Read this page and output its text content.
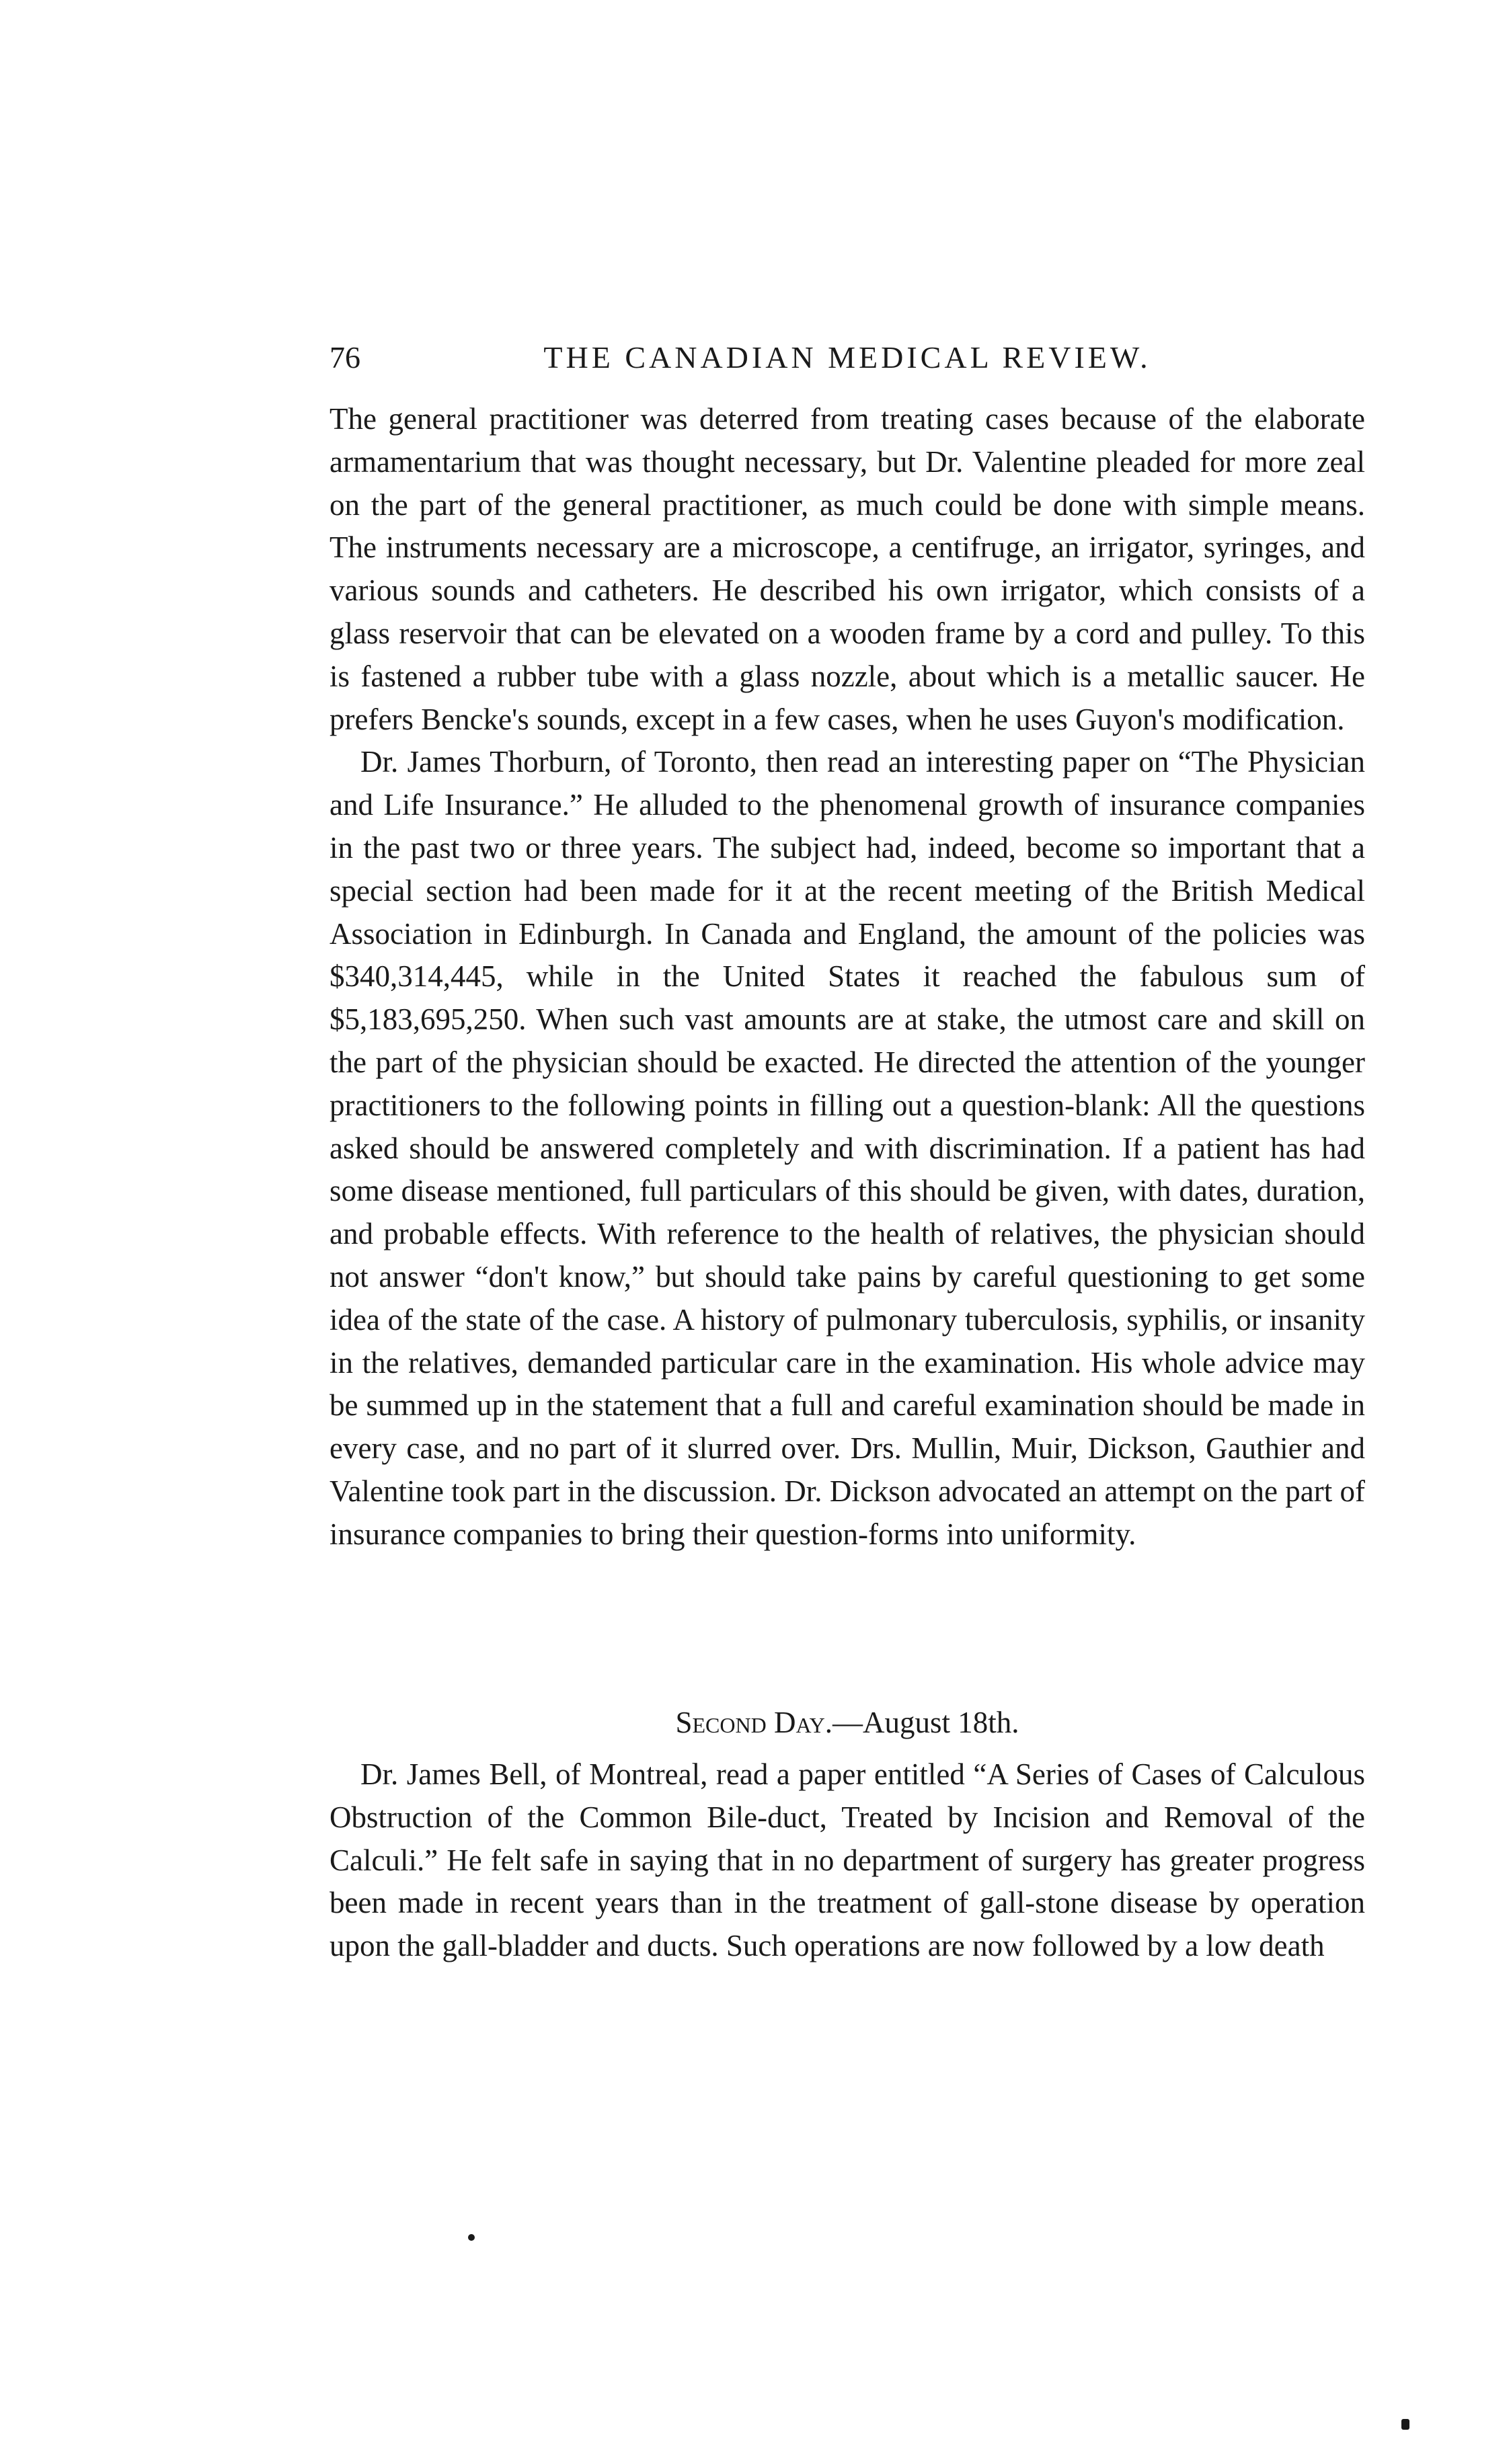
76	THE CANADIAN MEDICAL REVIEW.

The general practitioner was deterred from treating cases because of the elaborate armamentarium that was thought necessary, but Dr. Valentine pleaded for more zeal on the part of the general practitioner, as much could be done with simple means. The instruments necessary are a microscope, a centifruge, an irrigator, syringes, and various sounds and catheters. He described his own irrigator, which consists of a glass reservoir that can be elevated on a wooden frame by a cord and pulley. To this is fastened a rubber tube with a glass nozzle, about which is a metallic saucer. He prefers Bencke's sounds, except in a few cases, when he uses Guyon's modification.

Dr. James Thorburn, of Toronto, then read an interesting paper on “The Physician and Life Insurance.” He alluded to the phenomenal growth of insurance companies in the past two or three years. The subject had, indeed, become so important that a special section had been made for it at the recent meeting of the British Medical Association in Edinburgh. In Canada and England, the amount of the policies was $340,314,445, while in the United States it reached the fabulous sum of $5,183,695,250. When such vast amounts are at stake, the utmost care and skill on the part of the physician should be exacted. He directed the attention of the younger practitioners to the following points in filling out a question-blank: All the questions asked should be answered completely and with discrimination. If a patient has had some disease mentioned, full particulars of this should be given, with dates, duration, and probable effects. With reference to the health of relatives, the physician should not answer “don't know,” but should take pains by careful questioning to get some idea of the state of the case. A history of pulmonary tuberculosis, syphilis, or insanity in the relatives, demanded particular care in the examination. His whole advice may be summed up in the statement that a full and careful examination should be made in every case, and no part of it slurred over. Drs. Mullin, Muir, Dickson, Gauthier and Valentine took part in the discussion. Dr. Dickson advocated an attempt on the part of insurance companies to bring their question-forms into uniformity.

Second Day.—August 18th.

Dr. James Bell, of Montreal, read a paper entitled “A Series of Cases of Calculous Obstruction of the Common Bile-duct, Treated by Incision and Removal of the Calculi.” He felt safe in saying that in no department of surgery has greater progress been made in recent years than in the treatment of gall-stone disease by operation upon the gall-bladder and ducts. Such operations are now followed by a low death
